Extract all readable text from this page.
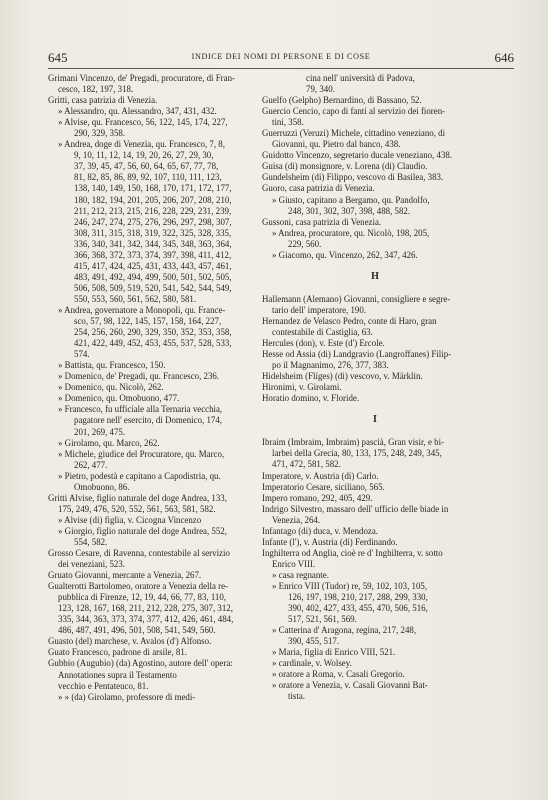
645	INDICE DEI NOMI DI PERSONE E DI COSE	646
Grimani Vincenzo, de' Pregadi, procuratore, di Fran-
cesco, 182, 197, 318.
Gritti, casa patrizia di Venezia.
» Alessandro, qu. Alessandro, 347, 431, 432.
» Alvise, qu. Francesco, 56, 122, 145, 174, 227,
290, 329, 358.
» Andrea, doge di Venezia, qu. Francesco, 7, 8,
9, 10, 11, 12, 14, 19, 20, 26, 27, 29, 30,
37, 39, 45, 47, 56, 60, 64, 65, 67, 77, 78,
81, 82, 85, 86, 89, 92, 107, 110, 111, 123,
138, 140, 149, 150, 168, 170, 171, 172, 177,
180, 182, 194, 201, 205, 206, 207, 208, 210,
211, 212, 213, 215, 216, 228, 229, 231, 239,
246, 247, 274, 275, 276, 296, 297, 298, 307,
308, 311, 315, 318, 319, 322, 325, 328, 335,
336, 340, 341, 342, 344, 345, 348, 363, 364,
366, 368, 372, 373, 374, 397, 398, 411, 412,
415, 417, 424, 425, 431, 433, 443, 457, 461,
483, 491, 492, 494, 499, 500, 501, 502, 505,
506, 508, 509, 519, 520, 541, 542, 544, 549,
550, 553, 560, 561, 562, 580, 581.
» Andrea, governatore a Monopoli, qu. France-
sco, 57, 98, 122, 145, 157, 158, 164, 227,
254, 256, 260, 290, 329, 350, 352, 353, 358,
421, 422, 449, 452, 453, 455, 537, 528, 533,
574.
» Battista, qu. Francesco, 150.
» Domenico, de' Pregadi, qu. Francesco, 236.
» Domenico, qu. Nicolò, 262.
» Domenico, qu. Omobuono, 477.
» Francesco, fu ufficiale alla Ternaria vecchia,
pagatore nell' esercito, di Domenico, 174,
201, 269, 475.
» Girolamo, qu. Marco, 262.
» Michele, giudice del Procuratore, qu. Marco,
262, 477.
» Pietro, podestà e capitano a Capodistria, qu.
Omobuono, 86.
Gritti Alvise, figlio naturale del doge Andrea, 133,
175, 249, 476, 520, 552, 561, 563, 581, 582.
» Alvise (di) figlia, v. Cicogna Vincenzo
» Giorgio, figlio naturale del doge Andrea, 552,
554, 582.
Grosso Cesare, di Ravenna, contestabile al servizio
dei veneziani, 523.
Gruato Giovanni, mercante a Venezia, 267.
Gualterotti Bartolomeo, oratore a Venezia della re-
pubblica di Firenze, 12, 19, 44, 66, 77, 83, 110,
123, 128, 167, 168, 211, 212, 228, 275, 307, 312,
335, 344, 363, 373, 374, 377, 412, 426, 461, 484,
486, 487, 491, 496, 501, 508, 541, 549, 560.
Guasto (del) marchese, v. Avalos (d') Alfonso.
Guato Francesco, padrone di arsile, 81.
Gubbio (Augubio) (da) Agostino, autore dell' opera:
Annotationes supra il Testamento
vecchio e Pentateuco, 81.
» » (da) Girolamo, professore di medi-
cina nell' università di Padova,
79, 340.
Guelfo (Gelpho) Bernardino, di Bassano, 52.
Guercio Cencio, capo di fanti al servizio dei fioren-
tini, 358.
Guerruzzi (Veruzi) Michele, cittadino veneziano, di
Giovanni, qu. Pietro dal banco, 438.
Guidotto Vincenzo, segretario ducale veneziano, 438.
Guisa (di) monsignore, v. Lorena (di) Claudio.
Gundelsheim (di) Filippo, vescovo di Basilea, 383.
Guoro, casa patrizia di Venezia.
» Giusto, capitano a Bergamo, qu. Pandolfo,
248, 301, 302, 307, 398, 488, 582.
Gussoni, casa patrizia di Venezia.
» Andrea, procuratore, qu. Nicolò, 198, 205,
229, 560.
» Giacomo, qu. Vincenzo, 262, 347, 426.
H
Hallemann (Alemano) Giovanni, consigliere e segre-
tario dell' imperatore, 190.
Hernandez de Velasco Pedro, conte di Haro, gran
contestabile di Castiglia, 63.
Hercules (don), v. Este (d') Ercole.
Hesse od Assia (di) Landgravio (Langroffanes) Filip-
po il Magnanimo, 276, 377, 383.
Hidelsheim (Flíges) (di) vescovo, v. Märklin.
Hironimi, v. Girolami.
Horatio domino, v. Floride.
I
Ibraim (Imbraim, Imbraim) pascià, Gran visir, e bi-
larbei della Grecia, 80, 133, 175, 248, 249, 345,
471, 472, 581, 582.
Imperatore, v. Austria (di) Carlo.
Imperatorio Cesare, siciliano, 565.
Impero romano, 292, 405, 429.
Indrigo Silvestro, massaro dell' ufficio delle biade in
Venezia, 264.
Infantago (di) duca, v. Mendoza.
Infante (l'), v. Austria (di) Ferdinando.
Inghilterra od Anglia, cioè re d' Inghilterra, v. sotto
Enrico VIII.
» casa regnante.
» Enrico VIII (Tudor) re, 59, 102, 103, 105,
126, 197, 198, 210, 217, 288, 299, 330,
390, 402, 427, 433, 455, 470, 506, 516,
517, 521, 561, 569.
» Catterina d' Aragona, regina, 217, 248,
390, 455, 517.
» Maria, figlia di Enrico VIII, 521.
» cardinale, v. Wolsey.
» oratore a Roma, v. Casali Gregorio.
» oratore a Venezia, v. Casali Giovanni Bat-
tista.
